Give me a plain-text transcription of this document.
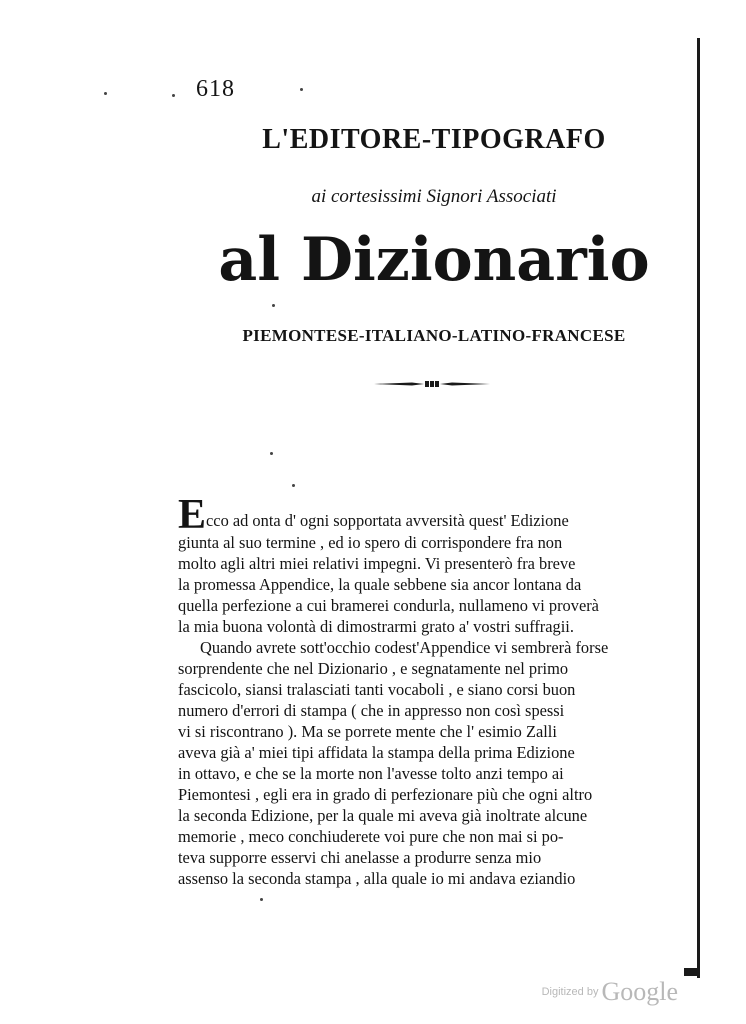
618
L'EDITORE-TIPOGRAFO
ai cortesissimi Signori Associati
al Dizionario
PIEMONTESE-ITALIANO-LATINO-FRANCESE
Ecco ad onta d' ogni sopportata avversità quest' Edizione
giunta al suo termine , ed io spero di corrispondere fra non
molto agli altri miei relativi impegni. Vi presenterò fra breve
la promessa Appendice, la quale sebbene sia ancor lontana da
quella perfezione a cui bramerei condurla, nullameno vi proverà
la mia buona volontà di dimostrarmi grato a' vostri suffragii.
Quando avrete sott'occhio codest'Appendice vi sembrerà forse
sorprendente che nel Dizionario , e segnatamente nel primo
fascicolo, siansi tralasciati tanti vocaboli , e siano corsi buon
numero d'errori di stampa ( che in appresso non così spessi
vi si riscontrano ). Ma se porrete mente che l' esimio Zalli
aveva già a' miei tipi affidata la stampa della prima Edizione
in ottavo, e che se la morte non l'avesse tolto anzi tempo ai
Piemontesi , egli era in grado di perfezionare più che ogni altro
la seconda Edizione, per la quale mi aveva già inoltrate alcune
memorie , meco conchiuderete voi pure che non mai si po-
teva supporre esservi chi anelasse a produrre senza mio
assenso la seconda stampa , alla quale io mi andava eziandio
Digitized by Google
